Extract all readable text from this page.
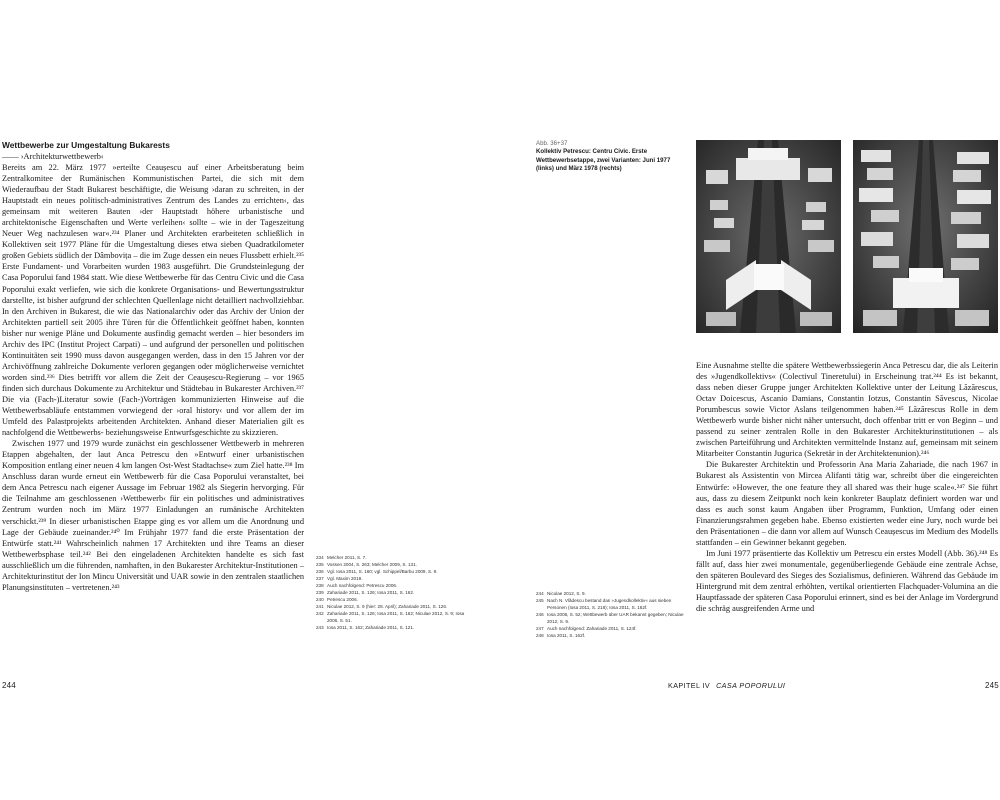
Wettbewerbe zur Umgestaltung Bukarests
—— ›Architekturwettbewerb‹

Bereits am 22. März 1977 »erteilte Ceaușescu auf einer Arbeitsberatung beim Zentralkomitee der Rumänischen Kommunistischen Partei, die sich mit dem Wiederaufbau der Stadt Bukarest beschäftigte, die Weisung ›daran zu schreiten, in der Hauptstadt ein neues politisch-administratives Zentrum des Landes zu errichten‹, das gemeinsam mit weiteren Bauten ›der Hauptstadt höhere urbanistische und architektonische Eigenschaften und Werte verleihen‹ sollte – wie in der Tageszeitung Neuer Weg nachzulesen war«.²³⁴ Planer und Architekten erarbeiteten schließlich in Kollektiven seit 1977 Pläne für die Umgestaltung dieses etwa sieben Quadratkilometer großen Gebiets südlich der Dâmbovița – die im Zuge dessen ein neues Flussbett erhielt.²³⁵ Erste Fundament- und Vorarbeiten wurden 1983 ausgeführt. Die Grundsteinlegung der Casa Poporului fand 1984 statt. Wie diese Wettbewerbe für das Centru Civic und die Casa Poporului exakt verliefen, wie sich die konkrete Organisations- und Bewertungsstruktur darstellte, ist bisher aufgrund der schlechten Quellenlage nicht detailliert nachvollziehbar. In den Archiven in Bukarest, die wie das Nationalarchiv oder das Archiv der Union der Architekten partiell seit 2005 ihre Türen für die Öffentlichkeit geöffnet haben, konnten bisher nur wenige Pläne und Dokumente ausfindig gemacht werden – hier besonders im Archiv des IPC (Institut Project Carpati) – und aufgrund der personellen und politischen Kontinuitäten seit 1990 muss davon ausgegangen werden, dass in den 15 Jahren vor der Archivöffnung zahlreiche Dokumente verloren gegangen oder möglicherweise vernichtet worden sind.²³⁶ Dies betrifft vor allem die Zeit der Ceaușescu-Regierung – vor 1965 finden sich durchaus Dokumente zu Architektur und Städtebau in Bukarester Archiven.²³⁷ Die via (Fach-)Literatur sowie (Fach-)Vorträgen kommunizierten Hinweise auf die Wettbewerbsabläufe entstammen vorwiegend der ›oral history‹ und vor allem der im Umfeld des Palastprojekts arbeitenden Architekten. Anhand dieser Materialien gilt es nachfolgend die Wettbewerbs- beziehungsweise Entwurfsgeschichte zu skizzieren.

Zwischen 1977 und 1979 wurde zunächst ein geschlossener Wettbewerb in mehreren Etappen abgehalten, der laut Anca Petrescu den »Entwurf einer urbanistischen Komposition entlang einer neuen 4 km langen Ost-West Stadtachse« zum Ziel hatte.²³⁸ Im Anschluss daran wurde erneut ein Wettbewerb für die Casa Poporului veranstaltet, bei dem Anca Petrescu nach eigener Aussage im Februar 1982 als Siegerin hervorging. Für die Teilnahme am geschlossenen ›Wettbewerb‹ für ein politisches und administratives Zentrum wurden noch im März 1977 Einladungen an rumänische Architekten verschickt.²³⁹ In dieser urbanistischen Etappe ging es vor allem um die Anordnung und Lage der Gebäude zueinander.²⁴⁰ Im Frühjahr 1977 fand die erste Präsentation der Entwürfe statt.²⁴¹ Wahrscheinlich nahmen 17 Architekten und ihre Teams an dieser Wettbewerbsphase teil.²⁴² Bei den eingeladenen Architekten handelte es sich fast ausschließlich um die führenden, namhaften, in den Bukarester Architektur-Institutionen – Architekturinstitut der Ion Mincu Universität und UAR sowie in den zentralen staatlichen Planungsinstituten – vertretenen.²⁴³

234 Melcher 2011, S. 7.
235 Vossen 2004, S. 263; Melcher 2009, S. 131.
236 Vgl. Iosa 2011, S. 160; vgl. Schippel/Barbu 2009, S. 9.
237 Vgl. Maxim 2019.
238 Auch nachfolgend: Petrescu 2006.
239 Zahariade 2011, S. 126; Iosa 2011, S. 162.
240 Petrescu 2006.
241 Niculae 2012, S. 9 (hier: 28. April); Zahariade 2011, S. 126.
242 Zahariade 2011, S. 126; Iosa 2011, S. 162; Niculae 2012, S. 9; Iosa 2006, S. 51.
243 Iosa 2011, S. 162; Zahariade 2011, S. 121.
244
Abb. 36+37
Kollektiv Petrescu: Centru Civic. Erste Wettbewerbsetappe, zwei Varianten: Juni 1977 (links) und März 1978 (rechts)

Eine Ausnahme stellte die spätere Wettbewerbssiegerin Anca Petrescu dar, die als Leiterin des »Jugendkollektivs« (Colectivul Tineretului) in Erscheinung trat.²⁴⁴ Es ist bekannt, dass neben dieser Gruppe junger Architekten Kollektive unter der Leitung Lăzărescus, Octav Doicescus, Ascanio Damians, Constantin Iotzus, Constantin Săvescus, Nicolae Porumbescus sowie Victor Aslans teilgenommen haben.²⁴⁵ Lăzărescus Rolle in dem Wettbewerb wurde bisher nicht näher untersucht, doch offenbar tritt er von Beginn – und passend zu seiner zentralen Rolle in den Bukarester Architekturinstitutionen – als zwischen Parteiführung und Architekten vermittelnde Instanz auf, gemeinsam mit seinem Mitarbeiter Constantin Jugurica (Sekretär in der Architektenunion).²⁴⁶

Die Bukarester Architektin und Professorin Ana Maria Zahariade, die nach 1967 in Bukarest als Assistentin von Mircea Alifanti tätig war, schreibt über die eingereichten Entwürfe: »However, the one feature they all shared was their huge scale«.²⁴⁷ Sie führt aus, dass zu diesem Zeitpunkt noch kein konkreter Bauplatz definiert worden war und dass es auch sonst kaum Angaben über Programm, Funktion, Umfang oder einen Finanzierungsrahmen gegeben habe. Ebenso existierten weder eine Jury, noch wurde bei den Präsentationen – die dann vor allem auf Wunsch Ceaușescus im Medium des Modells stattfanden – ein Gewinner bekannt gegeben.

Im Juni 1977 präsentierte das Kollektiv um Petrescu ein erstes Modell (Abb. 36).²⁴⁸ Es fällt auf, dass hier zwei monumentale, gegenüberliegende Gebäude eine zentrale Achse, den späteren Boulevard des Sieges des Sozialismus, definieren. Während das Gebäude im Hintergrund mit dem zentral erhöhten, vertikal orientierten Flachquader-Volumina an die Hauptfassade der späteren Casa Poporului erinnert, sind es bei der Anlage im Vordergrund die schräg ausgreifenden Arme und

244 Niculae 2012, S. 9.
245 Nach N. Vlădescu bestand das »Jugendkollektiv« aus sieben Personen (Iosa 2011, S. 218); Iosa 2011, S. 162f.
246 Iosa 2006, S. 52; Wettbewerb über UAR bekannt gegeben; Niculae 2012, S. 9.
247 Auch nachfolgend: Zahariade 2011, S. 124f.
248 Iosa 2011, S. 162f.
KAPITEL IV CASA POPORULUI	245
